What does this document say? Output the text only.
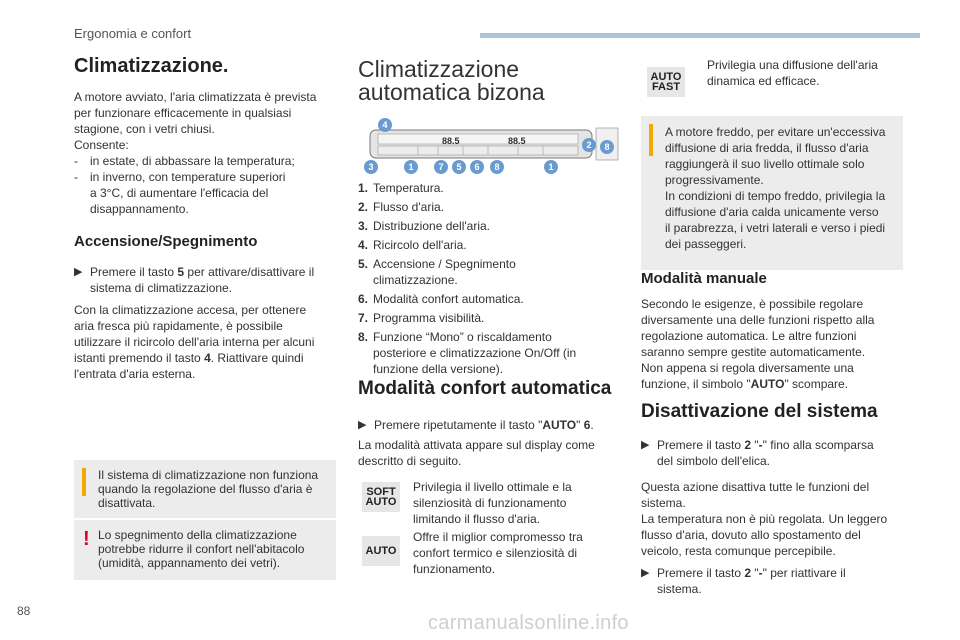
Ergonomia e confort
Climatizzazione.

A motore avviato, l'aria climatizzata è prevista

per funzionare efficacemente in qualsiasi

stagione, con i vetri chiusi.

Consente:

-	in estate, di abbassare la temperatura;
-	in inverno, con temperature superiori

a 3°C, di aumentare l'efficacia del

disappannamento.

Accensione/Spegnimento
▶ Premere il tasto 5 per attivare/disattivare il

sistema di climatizzazione.

Con la climatizzazione accesa, per ottenere

aria fresca più rapidamente, è possibile

utilizzare il ricircolo dell'aria interna per alcuni

istanti premendo il tasto 4. Riattivare quindi

l'entrata d'aria esterna.

Il sistema di climatizzazione non funziona

quando la regolazione del flusso d'aria è

disattivata.

! Lo spegnimento della climatizzazione

potrebbe ridurre il confort nell'abitacolo

(umidità, appannamento dei vetri).

Climatizzazione
automatica bizona
88.5	88.5
4
3	1	7	5	6	8	1
2	8
1. Temperatura.
2. Flusso d'aria.
3. Distribuzione dell'aria.
4. Ricircolo dell'aria.
5. Accensione / Spegnimento

climatizzazione.

6. Modalità confort automatica.
7. Programma visibilità.
8. Funzione “Mono” o riscaldamento

posteriore e climatizzazione On/Off (in

funzione della versione).

Modalità confort automatica
▶ Premere ripetutamente il tasto "AUTO" 6.

La modalità attivata appare sul display come

descritto di seguito.

SOFT
AUTO

Privilegia il livello ottimale e la

silenziosità di funzionamento

limitando il flusso d'aria.

AUTO

Offre il miglior compromesso tra

confort termico e silenziosità di

funzionamento.

AUTO
FAST

Privilegia una diffusione dell'aria

dinamica ed efficace.

A motore freddo, per evitare un'eccessiva

diffusione di aria fredda, il flusso d'aria

raggiungerà il suo livello ottimale solo

progressivamente.

In condizioni di tempo freddo, privilegia la

diffusione d'aria calda unicamente verso

il parabrezza, i vetri laterali e verso i piedi

dei passeggeri.

Modalità manuale

Secondo le esigenze, è possibile regolare

diversamente una delle funzioni rispetto alla

regolazione automatica. Le altre funzioni

saranno sempre gestite automaticamente.

Non appena si regola diversamente una

funzione, il simbolo "AUTO" scompare.

Disattivazione del sistema
▶ Premere il tasto 2 "-" fino alla scomparsa

del simbolo dell'elica.

Questa azione disattiva tutte le funzioni del

sistema.

La temperatura non è più regolata. Un leggero

flusso d'aria, dovuto allo spostamento del

veicolo, resta comunque percepibile.

▶ Premere il tasto 2 "-" per riattivare il

sistema.

88
carmanualsonline.info
